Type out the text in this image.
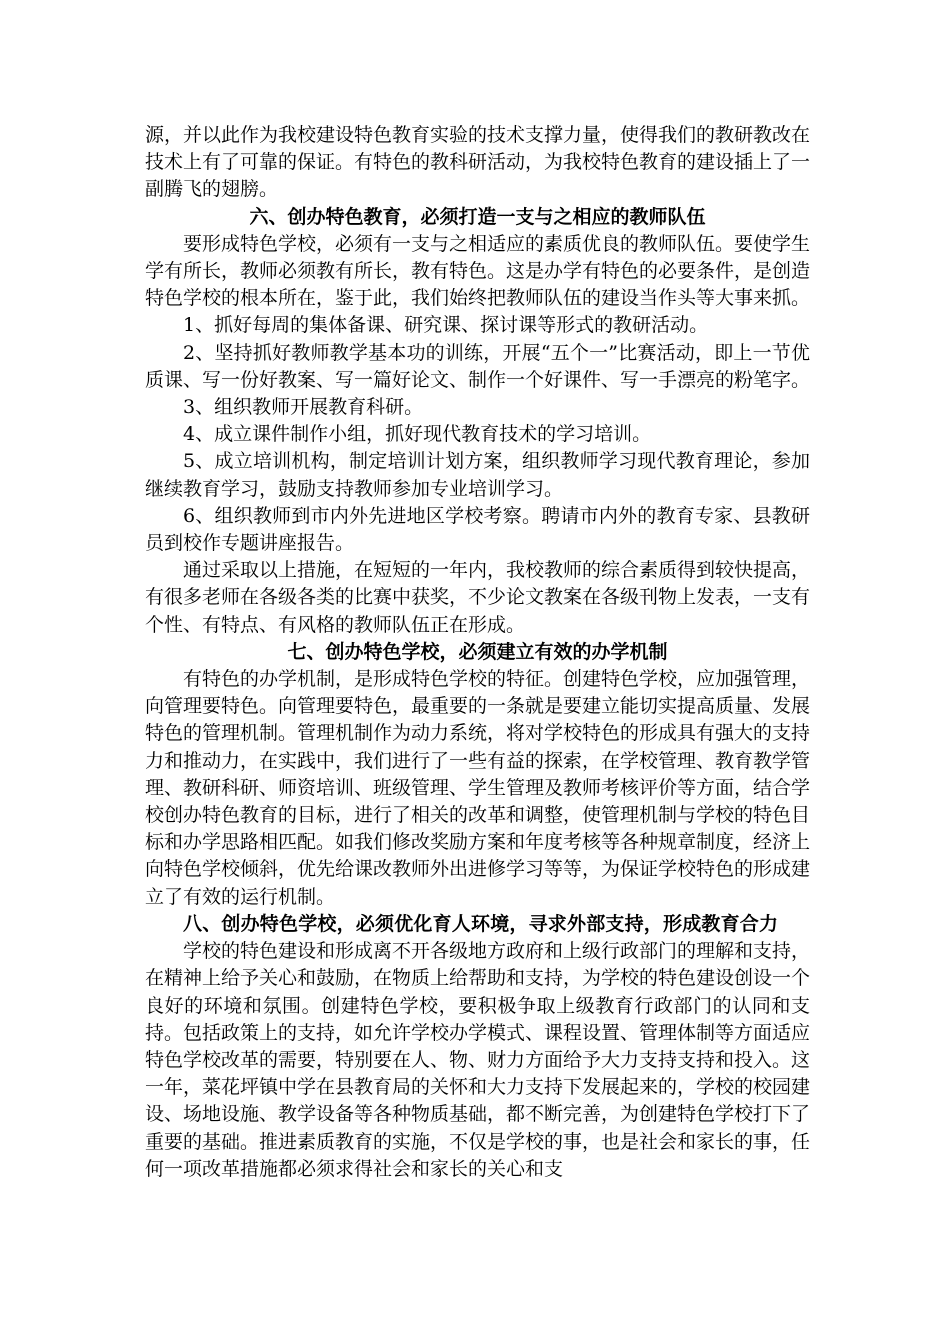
源，并以此作为我校建设特色教育实验的技术支撑力量，使得我们的教研教改在技术上有了可靠的保证。有特色的教科研活动，为我校特色教育的建设插上了一副腾飞的翅膀。

六、创办特色教育，必须打造一支与之相应的教师队伍

要形成特色学校，必须有一支与之相适应的素质优良的教师队伍。要使学生学有所长，教师必须教有所长，教有特色。这是办学有特色的必要条件，是创造特色学校的根本所在，鉴于此，我们始终把教师队伍的建设当作头等大事来抓。

1、抓好每周的集体备课、研究课、探讨课等形式的教研活动。

2、坚持抓好教师教学基本功的训练，开展“五个一”比赛活动，即上一节优质课、写一份好教案、写一篇好论文、制作一个好课件、写一手漂亮的粉笔字。

3、组织教师开展教育科研。

4、成立课件制作小组，抓好现代教育技术的学习培训。

5、成立培训机构，制定培训计划方案，组织教师学习现代教育理论，参加继续教育学习，鼓励支持教师参加专业培训学习。

6、组织教师到市内外先进地区学校考察。聘请市内外的教育专家、县教研员到校作专题讲座报告。

通过采取以上措施，在短短的一年内，我校教师的综合素质得到较快提高，有很多老师在各级各类的比赛中获奖，不少论文教案在各级刊物上发表，一支有个性、有特点、有风格的教师队伍正在形成。

七、创办特色学校，必须建立有效的办学机制

有特色的办学机制，是形成特色学校的特征。创建特色学校，应加强管理，向管理要特色。向管理要特色，最重要的一条就是要建立能切实提高质量、发展特色的管理机制。管理机制作为动力系统，将对学校特色的形成具有强大的支持力和推动力，在实践中，我们进行了一些有益的探索，在学校管理、教育教学管理、教研科研、师资培训、班级管理、学生管理及教师考核评价等方面，结合学校创办特色教育的目标，进行了相关的改革和调整，使管理机制与学校的特色目标和办学思路相匹配。如我们修改奖励方案和年度考核等各种规章制度，经济上向特色学校倾斜，优先给课改教师外出进修学习等等，为保证学校特色的形成建立了有效的运行机制。

八、创办特色学校，必须优化育人环境，寻求外部支持，形成教育合力

学校的特色建设和形成离不开各级地方政府和上级行政部门的理解和支持，在精神上给予关心和鼓励，在物质上给帮助和支持，为学校的特色建设创设一个良好的环境和氛围。创建特色学校，要积极争取上级教育行政部门的认同和支持。包括政策上的支持，如允许学校办学模式、课程设置、管理体制等方面适应特色学校改革的需要，特别要在人、物、财力方面给予大力支持支持和投入。这一年，菜花坪镇中学在县教育局的关怀和大力支持下发展起来的，学校的校园建设、场地设施、教学设备等各种物质基础，都不断完善，为创建特色学校打下了重要的基础。推进素质教育的实施，不仅是学校的事，也是社会和家长的事，任何一项改革措施都必须求得社会和家长的关心和支
